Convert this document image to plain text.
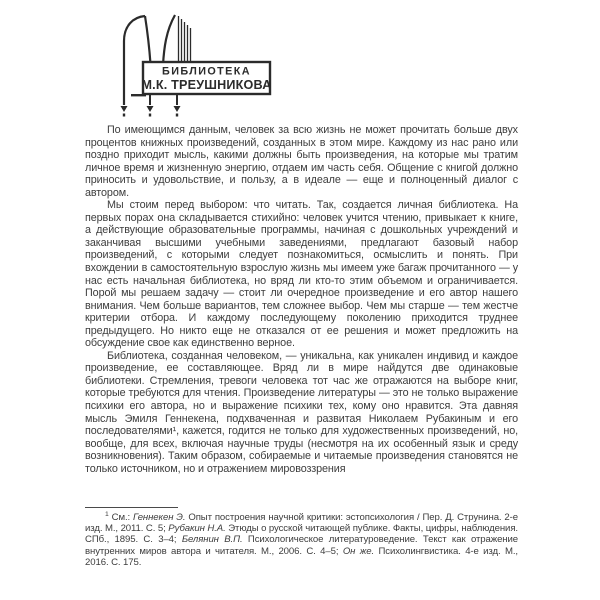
БИБЛИОТЕКА
М.К. ТРЕУШНИКОВА

По имеющимся данным, человек за всю жизнь не может прочитать больше двух процентов книжных произведений, созданных в этом мире. Каждому из нас рано или поздно приходит мысль, какими должны быть произведения, на которые мы тратим личное время и жизненную энергию, отдаем им часть себя. Общение с книгой должно приносить и удовольствие, и пользу, а в идеале — еще и полноценный диалог с автором.

Мы стоим перед выбором: что читать. Так, создается личная библиотека. На первых порах она складывается стихийно: человек учится чтению, привыкает к книге, а действующие образовательные программы, начиная с дошкольных учреждений и заканчивая высшими учебными заведениями, предлагают базовый набор произведений, с которыми следует познакомиться, осмыслить и понять. При вхождении в самостоятельную взрослую жизнь мы имеем уже багаж прочитанного — у нас есть начальная библиотека, но вряд ли кто-то этим объемом и ограничивается. Порой мы решаем задачу — стоит ли очередное произведение и его автор нашего внимания. Чем больше вариантов, тем сложнее выбор. Чем мы старше — тем жестче критерии отбора. И каждому последующему поколению приходится труднее предыдущего. Но никто еще не отказался от ее решения и может предложить на обсуждение свое как единственно верное.

Библиотека, созданная человеком, — уникальна, как уникален индивид и каждое произведение, ее составляющее. Вряд ли в мире найдутся две одинаковые библиотеки. Стремления, тревоги человека тот час же отражаются на выборе книг, которые требуются для чтения. Произведение литературы — это не только выражение психики его автора, но и выражение психики тех, кому оно нравится. Эта давняя мысль Эмиля Геннекена, подхваченная и развитая Николаем Рубакиным и его последователями¹, кажется, годится не только для художественных произведений, но, вообще, для всех, включая научные труды (несмотря на их особенный язык и среду возникновения). Таким образом, собираемые и читаемые произведения становятся не только источником, но и отражением мировоззрения

$^1$ См.: Геннекен Э. Опыт построения научной критики: эстопсихология / Пер. Д. Струнина. 2-е изд. М., 2011. С. 5; Рубакин Н.А. Этюды о русской читающей публике. Факты, цифры, наблюдения. СПб., 1895. С. 3–4; Белянин В.П. Психологическое литературоведение. Текст как отражение внутренних миров автора и читателя. М., 2006. С. 4–5; Он же. Психолингвистика. 4-е изд. М., 2016. С. 175.
